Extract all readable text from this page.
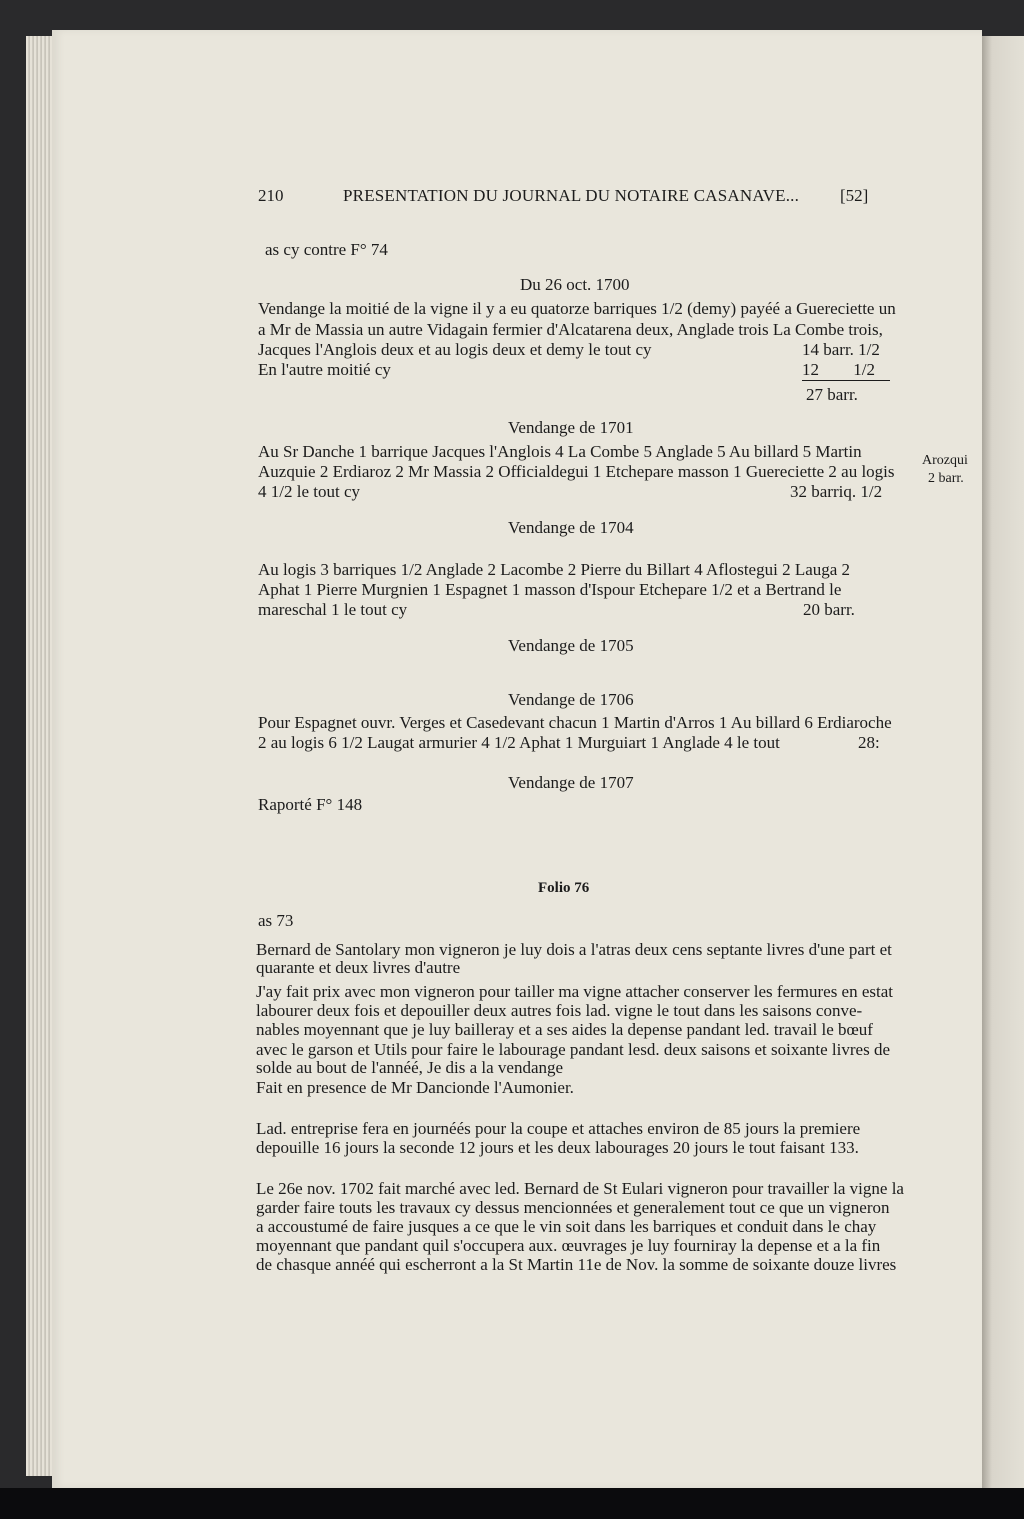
210	PRESENTATION DU JOURNAL DU NOTAIRE CASANAVE... [52]
as cy contre F° 74
Du 26 oct. 1700
Vendange la moitié de la vigne il y a eu quatorze barriques 1/2 (demy) payéé a Guereciette un
a Mr de Massia un autre Vidagain fermier d'Alcatarena deux, Anglade trois La Combe trois,
Jacques l'Anglois deux et au logis deux et demy le tout cy	14 barr. 1/2
En l'autre moitié cy	12 1/2
27 barr.
Vendange de 1701
Au Sr Danche 1 barrique Jacques l'Anglois 4 La Combe 5 Anglade 5 Au billard 5 Martin
Auzquie 2 Erdiaroz 2 Mr Massia 2 Officialdegui 1 Etchepare masson 1 Guereciette 2 au logis
4 1/2 le tout cy	32 barriq. 1/2
Vendange de 1704
Au logis 3 barriques 1/2 Anglade 2 Lacombe 2 Pierre du Billart 4 Aflostegui 2 Lauga 2
Aphat 1 Pierre Murgnien 1 Espagnet 1 masson d'Ispour Etchepare 1/2 et a Bertrand le
mareschal 1 le tout cy	20 barr.
Vendange de 1705
Vendange de 1706
Pour Espagnet ouvr. Verges et Casedevant chacun 1 Martin d'Arros 1 Au billard 6 Erdiaroche
2 au logis 6 1/2 Laugat armurier 4 1/2 Aphat 1 Murguiart 1 Anglade 4 le tout	28:
Vendange de 1707
Raporté F° 148
Folio 76
as 73
Bernard de Santolary mon vigneron je luy dois a l'atras deux cens septante livres d'une part et
quarante et deux livres d'autre
J'ay fait prix avec mon vigneron pour tailler ma vigne attacher conserver les fermures en estat
labourer deux fois et depouiller deux autres fois lad. vigne le tout dans les saisons conve-
nables moyennant que je luy bailleray et a ses aides la depense pandant led. travail le bœuf
avec le garson et Utils pour faire le labourage pandant lesd. deux saisons et soixante livres de
solde au bout de l'annéé, Je dis a la vendange
Fait en presence de Mr Dancionde l'Aumonier.
Lad. entreprise fera en journéés pour la coupe et attaches environ de 85 jours la premiere
depouille 16 jours la seconde 12 jours et les deux labourages 20 jours le tout faisant 133.
Le 26e nov. 1702 fait marché avec led. Bernard de St Eulari vigneron pour travailler la vigne la
garder faire touts les travaux cy dessus mencionnées et generalement tout ce que un vigneron
a accoustumé de faire jusques a ce que le vin soit dans les barriques et conduit dans le chay
moyennant que pandant quil s'occupera aux. œuvrages je luy fourniray la depense et a la fin
de chasque annéé qui escherront a la St Martin 11e de Nov. la somme de soixante douze livres
Arozqui
2 barr.
